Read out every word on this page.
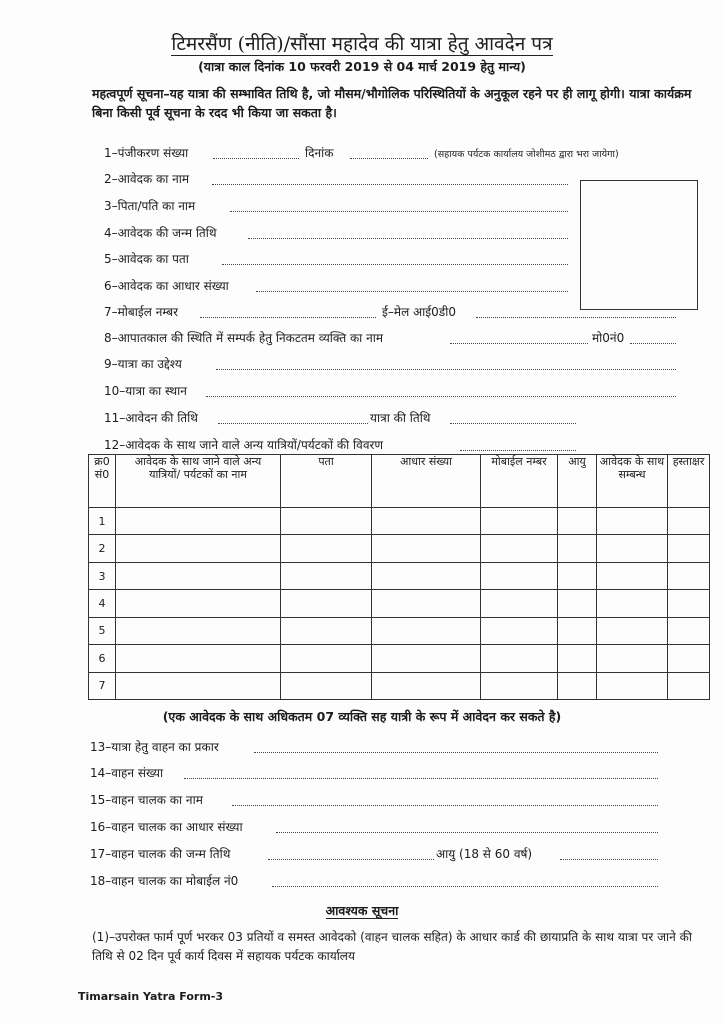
टिमरसैंण (नीति)/सौंसा महादेव की यात्रा हेतु आवदेन पत्र
(यात्रा काल दिनांक 10 फरवरी 2019 से 04 मार्च 2019 हेतु मान्य)
महत्वपूर्ण सूचना–यह यात्रा की सम्भावित तिथि है, जो मौसम/भौगोलिक परिस्थितियों के अनुकूल रहने पर ही लागू होगी। यात्रा कार्यक्रम बिना किसी पूर्व सूचना के रदद भी किया जा सकता है।
1–पंजीकरण संख्या	दिनांक	(सहायक पर्यटक कार्यालय जोशीमठ द्वारा भरा जायेगा)
2–आवेदक का नाम
3–पिता/पति का नाम
4–आवेदक की जन्म तिथि
5–आवेदक का पता
6–आवेदक का आधार संख्या
7–मोबाईल नम्बर	ई–मेल आई0डी0
8–आपातकाल की स्थिति में सम्पर्क हेतु निकटतम व्यक्ति का नाम	मो0नं0
9–यात्रा का उद्देश्य
10–यात्रा का स्थान
11–आवेदन की तिथि	यात्रा की तिथि
12–आवेदक के साथ जाने वाले अन्य यात्रियों/पर्यटकों की विवरण
क्र0 सं0	आवेदक के साथ जाने वाले अन्य यात्रियों/ पर्यटकों का नाम	पता	आधार संख्या	मोबाईल नम्बर	आयु	आवेदक के साथ सम्बन्ध	हस्ताक्षर
1							
2							
3							
4							
5							
6							
7							
(एक आवेदक के साथ अधिकतम 07 व्यक्ति सह यात्री के रूप में आवेदन कर सकते है)
13–यात्रा हेतु वाहन का प्रकार
14–वाहन संख्या
15–वाहन चालक का नाम
16–वाहन चालक का आधार संख्या
17–वाहन चालक की जन्म तिथि	आयु (18 से 60 वर्ष)
18–वाहन चालक का मोबाईल नं0
आवश्यक सूचना
(1)–उपरोक्त फार्म पूर्ण भरकर 03 प्रतियों व समस्त आवेदको (वाहन चालक सहित) के आधार कार्ड की छायाप्रति के साथ यात्रा पर जाने की तिथि से 02 दिन पूर्व कार्य दिवस में सहायक पर्यटक कार्यालय
Timarsain Yatra Form-3
